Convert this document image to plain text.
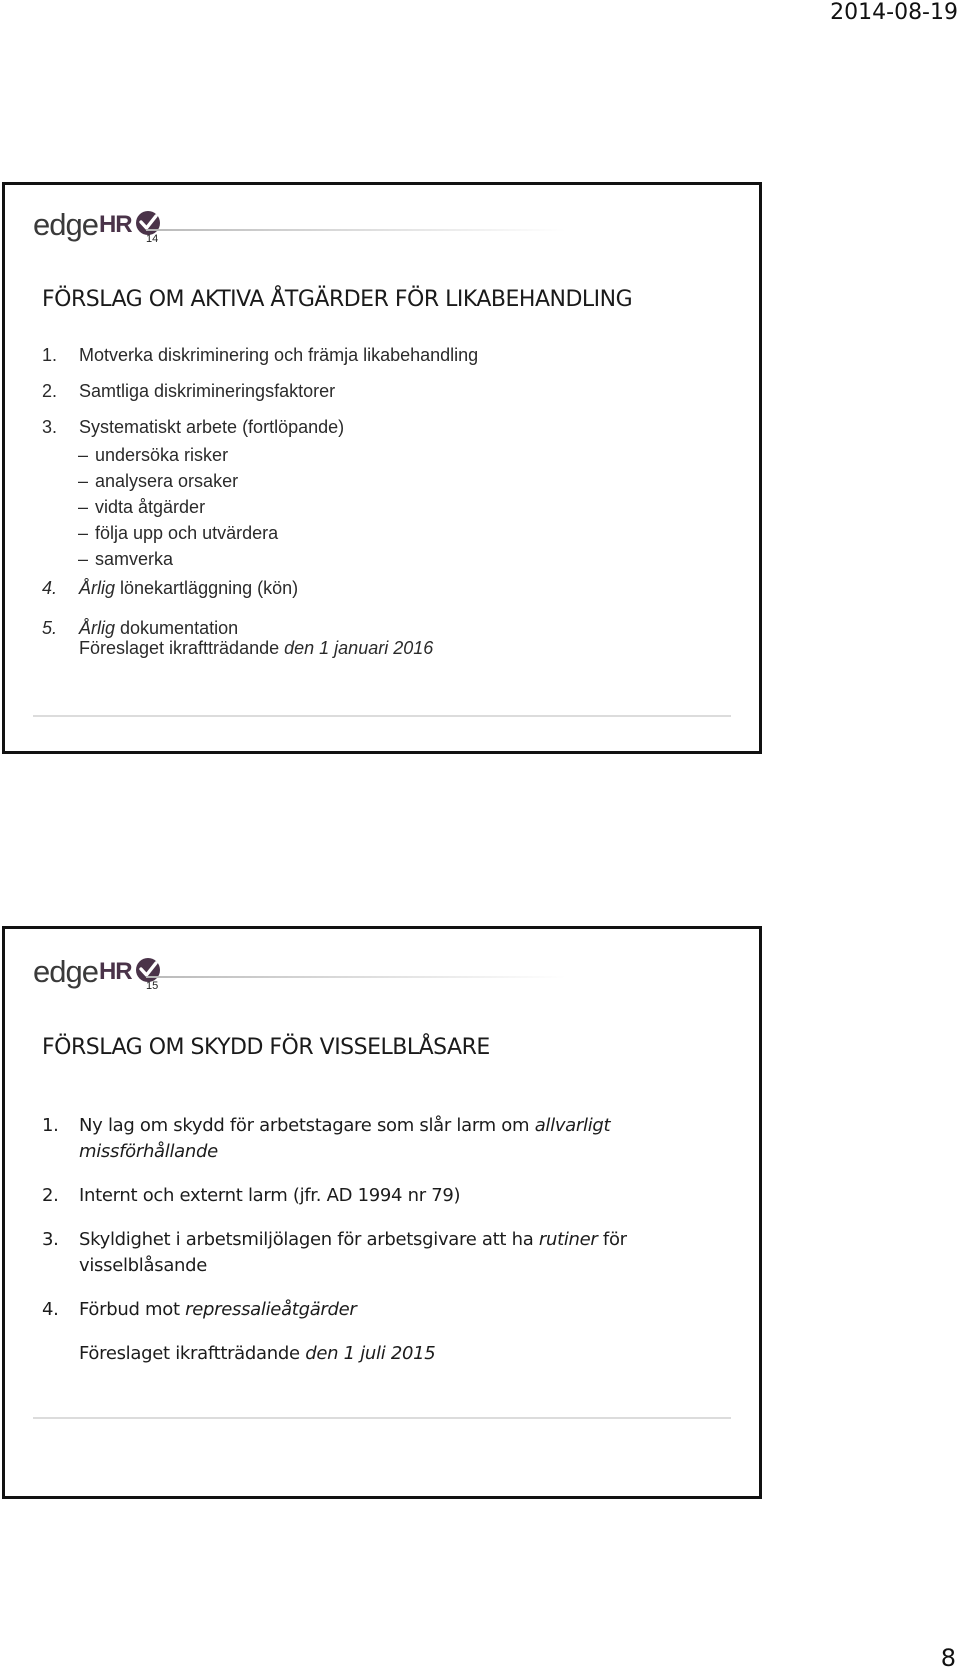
2014-08-19
edge HR
14
FÖRSLAG OM AKTIVA ÅTGÄRDER FÖR LIKABEHANDLING
1.	Motverka diskriminering och främja likabehandling
2.	Samtliga diskrimineringsfaktorer
3.	Systematiskt arbete (fortlöpande)
– undersöka risker
– analysera orsaker
– vidta åtgärder
– följa upp och utvärdera
– samverka
4.	Årlig lönekartläggning (kön)
5.	Årlig dokumentation
Föreslaget ikraftträdande den 1 januari 2016
edge HR
15
FÖRSLAG OM SKYDD FÖR VISSELBLÅSARE
1.	Ny lag om skydd för arbetstagare som slår larm om allvarligt missförhållande
2.	Internt och externt larm (jfr. AD 1994 nr 79)
3.	Skyldighet i arbetsmiljölagen för arbetsgivare att ha rutiner för visselblåsande
4.	Förbud mot repressalieåtgärder
Föreslaget ikraftträdande den 1 juli 2015
8
